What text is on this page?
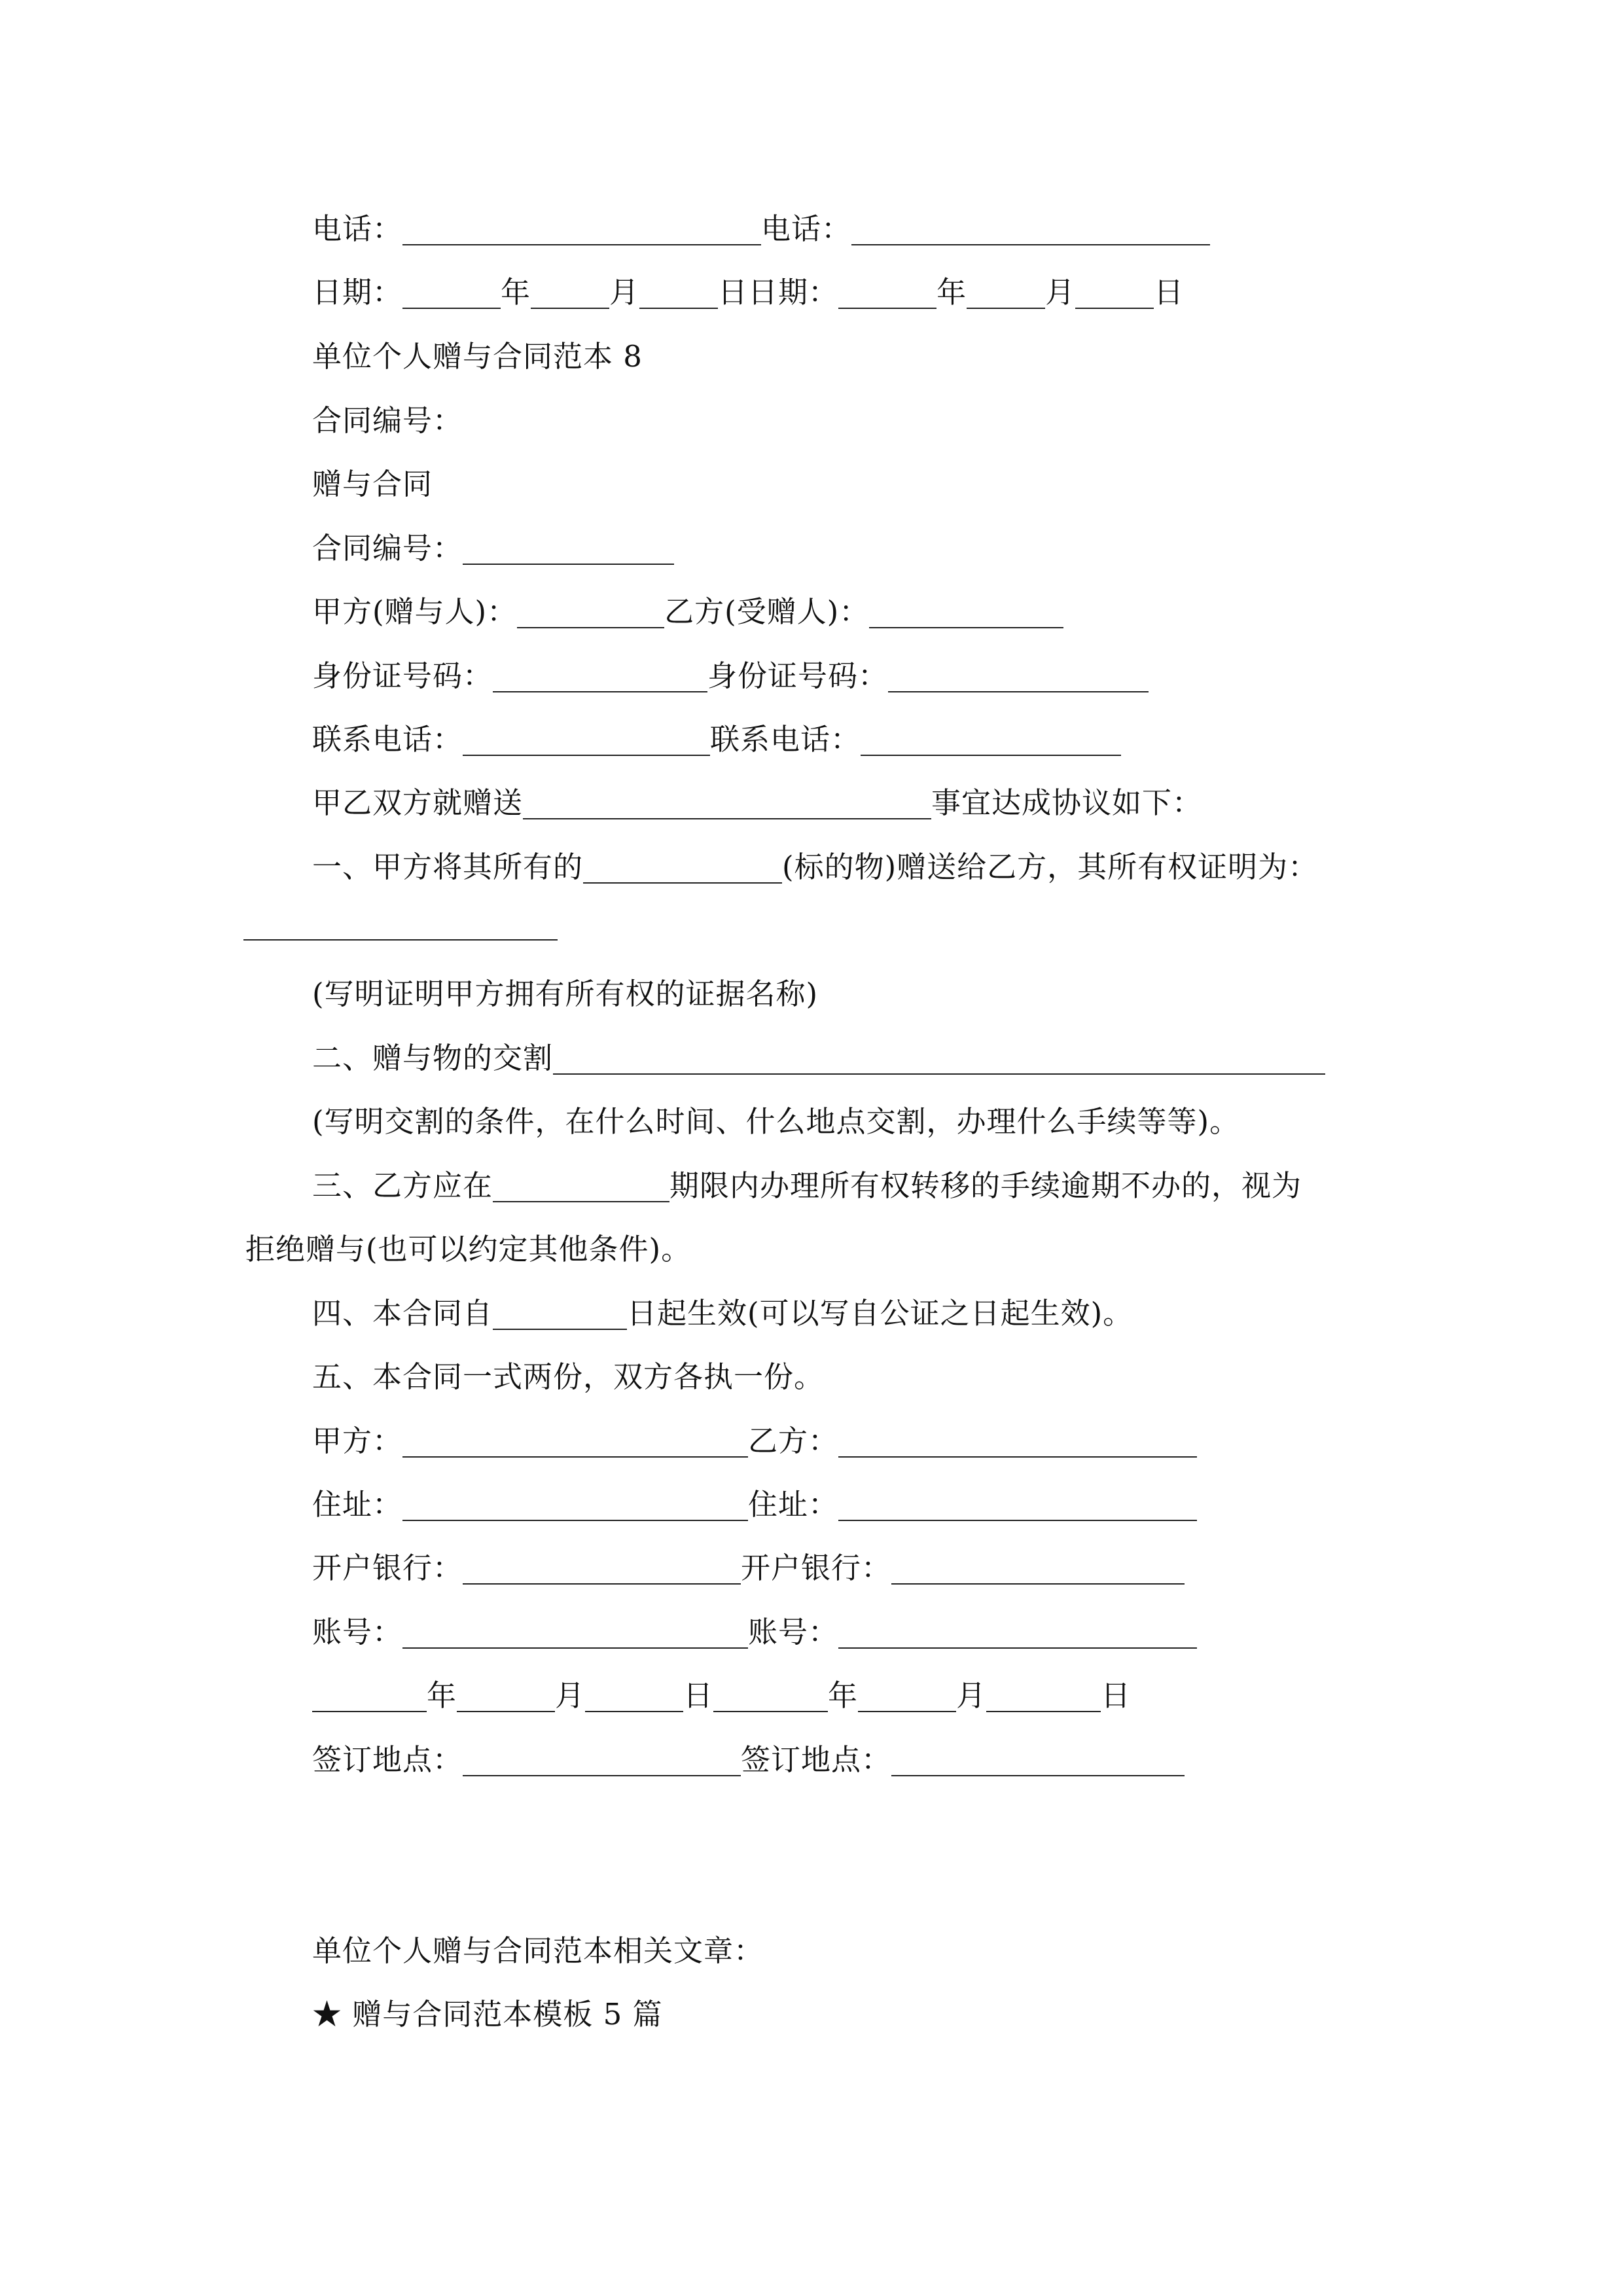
电话：	电话：
日期：	年	月	日日期：	年	月	日
单位个人赠与合同范本 8
合同编号：
赠与合同
合同编号：
甲方(赠与人)：	乙方(受赠人)：
身份证号码：	身份证号码：
联系电话：	联系电话：
甲乙双方就赠送	事宜达成协议如下：
一、甲方将其所有的	(标的物)赠送给乙方，其所有权证明为：
(写明证明甲方拥有所有权的证据名称)
二、赠与物的交割
(写明交割的条件，在什么时间、什么地点交割，办理什么手续等等)。
三、乙方应在	期限内办理所有权转移的手续逾期不办的，视为
拒绝赠与(也可以约定其他条件)。
四、本合同自	日起生效(可以写自公证之日起生效)。
五、本合同一式两份，双方各执一份。
甲方：	乙方：
住址：	住址：
开户银行：	开户银行：
账号：	账号：
年	月	日	年	月	日
签订地点：	签订地点：
单位个人赠与合同范本相关文章：
★ 赠与合同范本模板 5 篇
